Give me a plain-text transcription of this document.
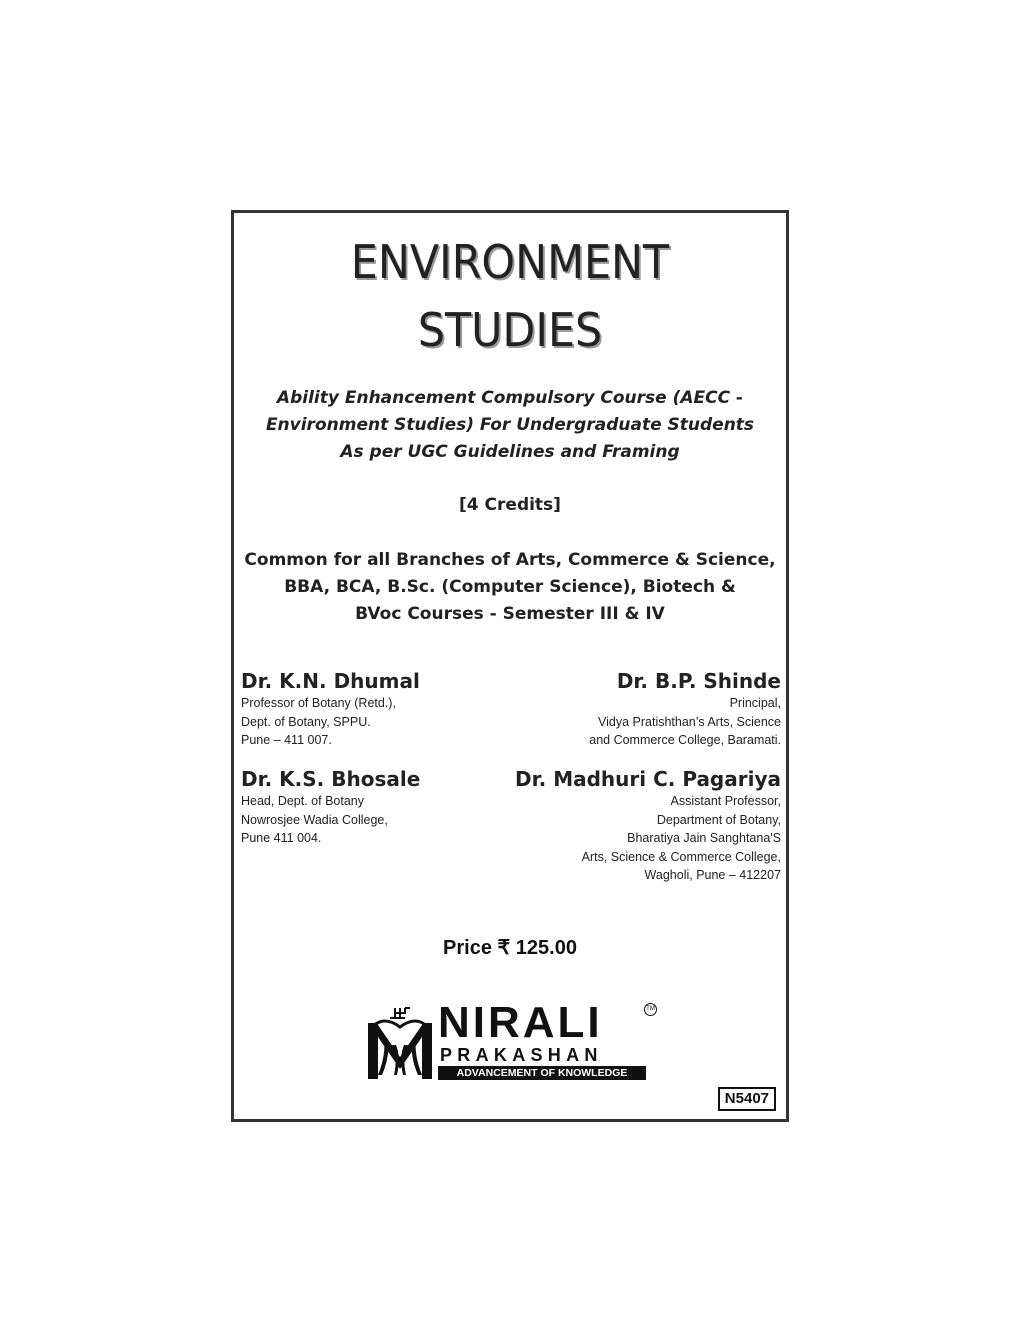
ENVIRONMENT
STUDIES
Ability Enhancement Compulsory Course (AECC -
Environment Studies) For Undergraduate Students
As per UGC Guidelines and Framing
[4 Credits]
Common for all Branches of Arts, Commerce & Science,
BBA, BCA, B.Sc. (Computer Science), Biotech &
BVoc Courses - Semester III & IV
Dr. K.N. Dhumal
Professor of Botany (Retd.),
Dept. of Botany, SPPU.
Pune – 411 007.
Dr. B.P. Shinde
Principal,
Vidya Pratishthan’s Arts, Science
and Commerce College, Baramati.
Dr. K.S. Bhosale
Head, Dept. of Botany
Nowrosjee Wadia College,
Pune 411 004.
Dr. Madhuri C. Pagariya
Assistant Professor,
Department of Botany,
Bharatiya Jain Sanghtana'S
Arts, Science & Commerce College,
Wagholi, Pune – 412207
Price ₹ 125.00
NIRALI
PRAKASHAN
ADVANCEMENT OF KNOWLEDGE
TM
N5407
